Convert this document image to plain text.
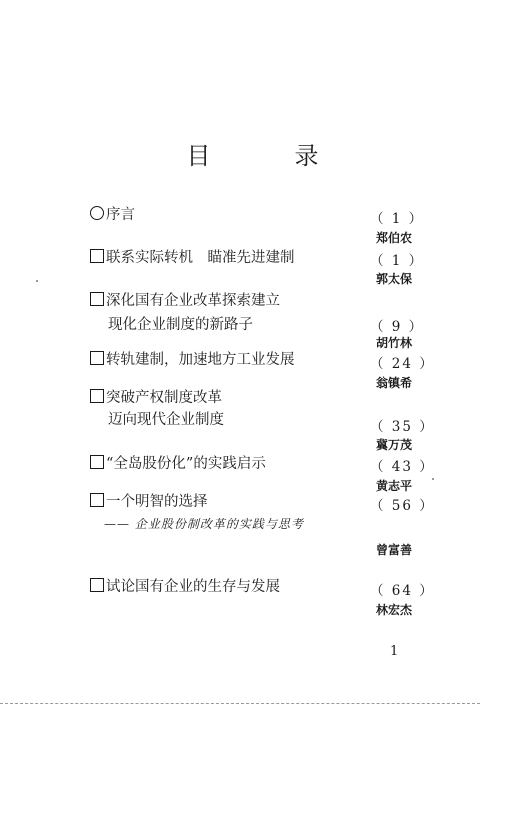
目　录
序言	（ 1 ）
郑伯农
联系实际转机　瞄准先进建制	（ 1 ）
郭太保
深化国有企业改革探索建立
现化企业制度的新路子	（ 9 ）
胡竹林
转轨建制，加速地方工业发展	（ 24 ）
翁镇希
突破产权制度改革
迈向现代企业制度	（ 35 ）
冀万茂
“全岛股份化”的实践启示	（ 43 ）
黄志平
一个明智的选择	（ 56 ）
—— 企业股份制改革的实践与思考
曾富善
试论国有企业的生存与发展	（ 64 ）
林宏杰
1
